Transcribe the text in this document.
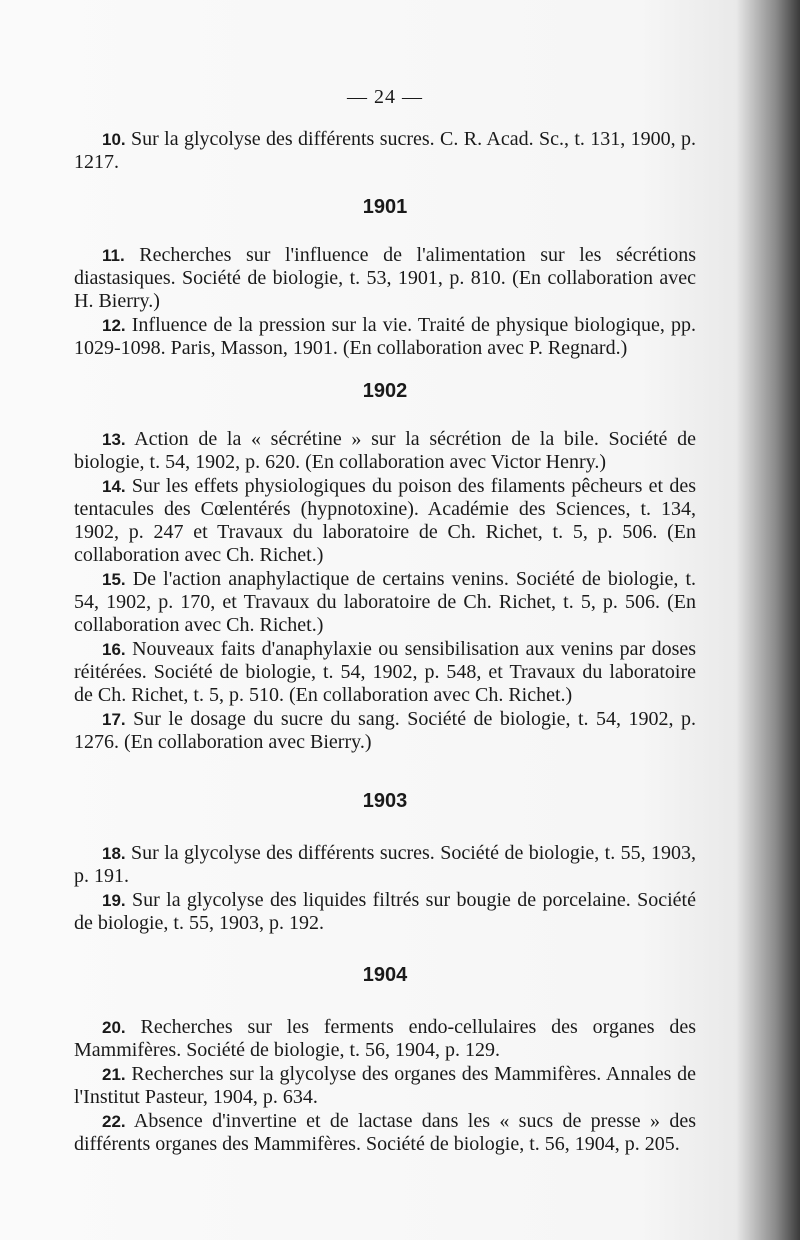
— 24 —

10. Sur la glycolyse des différents sucres. C. R. Acad. Sc., t. 131, 1900, p. 1217.

1901

11. Recherches sur l'influence de l'alimentation sur les sécrétions diastasiques. Société de biologie, t. 53, 1901, p. 810. (En collaboration avec H. Bierry.)

12. Influence de la pression sur la vie. Traité de physique biologique, pp. 1029-1098. Paris, Masson, 1901. (En collaboration avec P. Regnard.)

1902

13. Action de la « sécrétine » sur la sécrétion de la bile. Société de biologie, t. 54, 1902, p. 620. (En collaboration avec Victor Henry.)

14. Sur les effets physiologiques du poison des filaments pêcheurs et des tentacules des Cœlentérés (hypnotoxine). Académie des Sciences, t. 134, 1902, p. 247 et Travaux du laboratoire de Ch. Richet, t. 5, p. 506. (En collaboration avec Ch. Richet.)

15. De l'action anaphylactique de certains venins. Société de biologie, t. 54, 1902, p. 170, et Travaux du laboratoire de Ch. Richet, t. 5, p. 506. (En collaboration avec Ch. Richet.)

16. Nouveaux faits d'anaphylaxie ou sensibilisation aux venins par doses réitérées. Société de biologie, t. 54, 1902, p. 548, et Travaux du laboratoire de Ch. Richet, t. 5, p. 510. (En collaboration avec Ch. Richet.)

17. Sur le dosage du sucre du sang. Société de biologie, t. 54, 1902, p. 1276. (En collaboration avec Bierry.)

1903

18. Sur la glycolyse des différents sucres. Société de biologie, t. 55, 1903, p. 191.

19. Sur la glycolyse des liquides filtrés sur bougie de porcelaine. Société de biologie, t. 55, 1903, p. 192.

1904

20. Recherches sur les ferments endo-cellulaires des organes des Mammifères. Société de biologie, t. 56, 1904, p. 129.

21. Recherches sur la glycolyse des organes des Mammifères. Annales de l'Institut Pasteur, 1904, p. 634.

22. Absence d'invertine et de lactase dans les « sucs de presse » des différents organes des Mammifères. Société de biologie, t. 56, 1904, p. 205.
